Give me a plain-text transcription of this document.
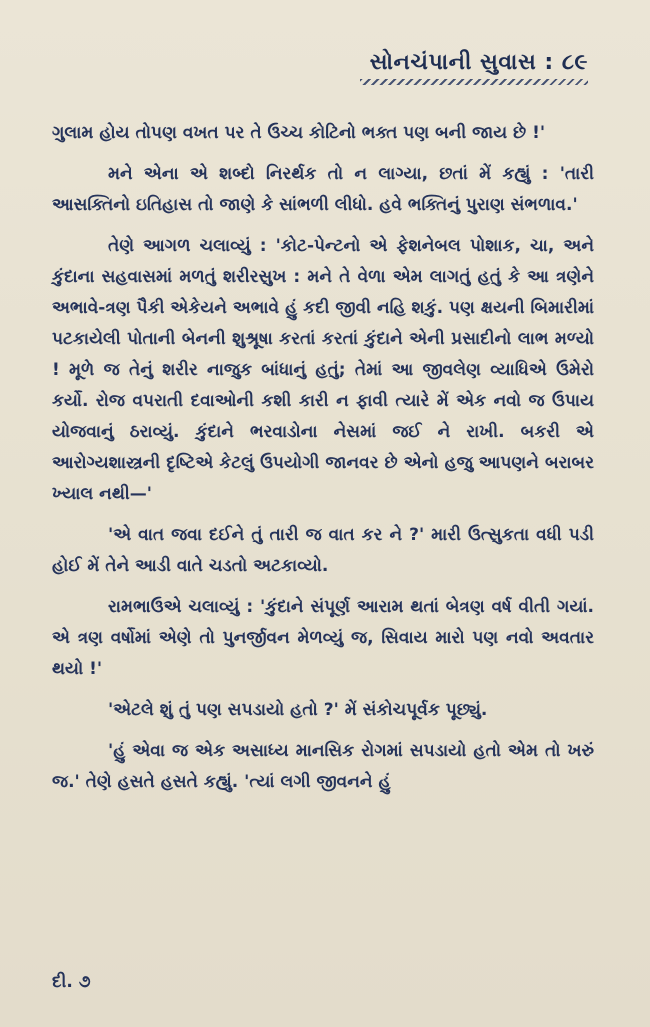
સોનચંપાની સુવાસ : ૮૯

ગુલામ હોય તોપણ વખત પર તે ઉચ્ચ કોટિનો ભક્ત પણ બની જાય છે !'

મને એના એ શબ્દો નિરર્થક તો ન લાગ્યા, છતાં મેં કહ્યું : 'તારી આસક્તિનો ઇતિહાસ તો જાણે કે સાંભળી લીધો. હવે ભક્તિનું પુરાણ સંભળાવ.'

તેણે આગળ ચલાવ્યું : 'કોટ-પેન્ટનો એ ફેશનેબલ પોશાક, ચા, અને કુંદાના સહવાસમાં મળતું શરીરસુખ : મને તે વેળા એમ લાગતું હતું કે આ ત્રણેને અભાવે-ત્રણ પૈકી એકેયને અભાવે હું કદી જીવી નહિ શકું. પણ ક્ષયની બિમારીમાં પટકાયેલી પોતાની બેનની શુશ્રૂષા કરતાં કરતાં કુંદાને એની પ્રસાદીનો લાભ મળ્યો ! મૂળે જ તેનું શરીર નાજુક બાંધાનું હતું; તેમાં આ જીવલેણ વ્યાધિએ ઉમેરો કર્યો. રોજ વપરાતી દવાઓની કશી કારી ન ફાવી ત્યારે મેં એક નવો જ ઉપાય યોજવાનું ઠરાવ્યું. કુંદાને ભરવાડોના નેસમાં જઈ ને રાખી. બકરી એ આરોગ્યશાસ્ત્રની દૃષ્ટિએ કેટલું ઉપયોગી જાનવર છે એનો હજુ આપણને બરાબર ખ્યાલ નથી—'

'એ વાત જવા દઈને તું તારી જ વાત કર ને ?' મારી ઉત્સુકતા વધી પડી હોઈ મેં તેને આડી વાતે ચડતો અટકાવ્યો.

રામભાઉએ ચલાવ્યું : 'કુંદાને સંપૂર્ણ આરામ થતાં બેત્રણ વર્ષ વીતી ગયાં. એ ત્રણ વર્ષોમાં એણે તો પુનર્જીવન મેળવ્યું જ, સિવાય મારો પણ નવો અવતાર થયો !'

'એટલે શું તું પણ સપડાયો હતો ?' મેં સંકોચપૂર્વક પૂછ્યું.

'હું એવા જ એક અસાધ્ય માનસિક રોગમાં સપડાયો હતો એમ તો ખરું જ.' તેણે હસતે હસતે કહ્યું. 'ત્યાં લગી જીવનને હું

દી. ૭
